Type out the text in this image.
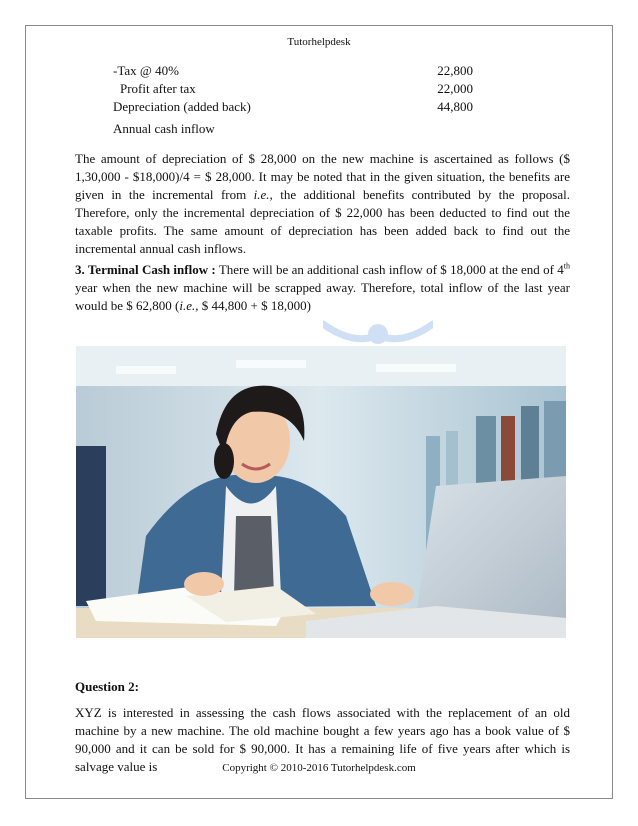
Tutorhelpdesk
-Tax @ 40%	22,800
Profit after tax	22,000
Depreciation (added back)	44,800
Annual cash inflow
The amount of depreciation of $ 28,000 on the new machine is ascertained as follows ($ 1,30,000 - $18,000)/4 = $ 28,000. It may be noted that in the given situation, the benefits are given in the incremental from i.e., the additional benefits contributed by the proposal. Therefore, only the incremental depreciation of $ 22,000 has been deducted to find out the taxable profits. The same amount of depreciation has been added back to find out the incremental annual cash inflows.
3. Terminal Cash inflow : There will be an additional cash inflow of $ 18,000 at the end of 4th year when the new machine will be scrapped away. Therefore, total inflow of the last year would be $ 62,800 (i.e., $ 44,800 + $ 18,000)
Question 2:
XYZ is interested in assessing the cash flows associated with the replacement of an old machine by a new machine. The old machine bought a few years ago has a book value of $ 90,000 and it can be sold for $ 90,000. It has a remaining life of five years after which is salvage value is	Copyright © 2010-2016 Tutorhelpdesk.com
